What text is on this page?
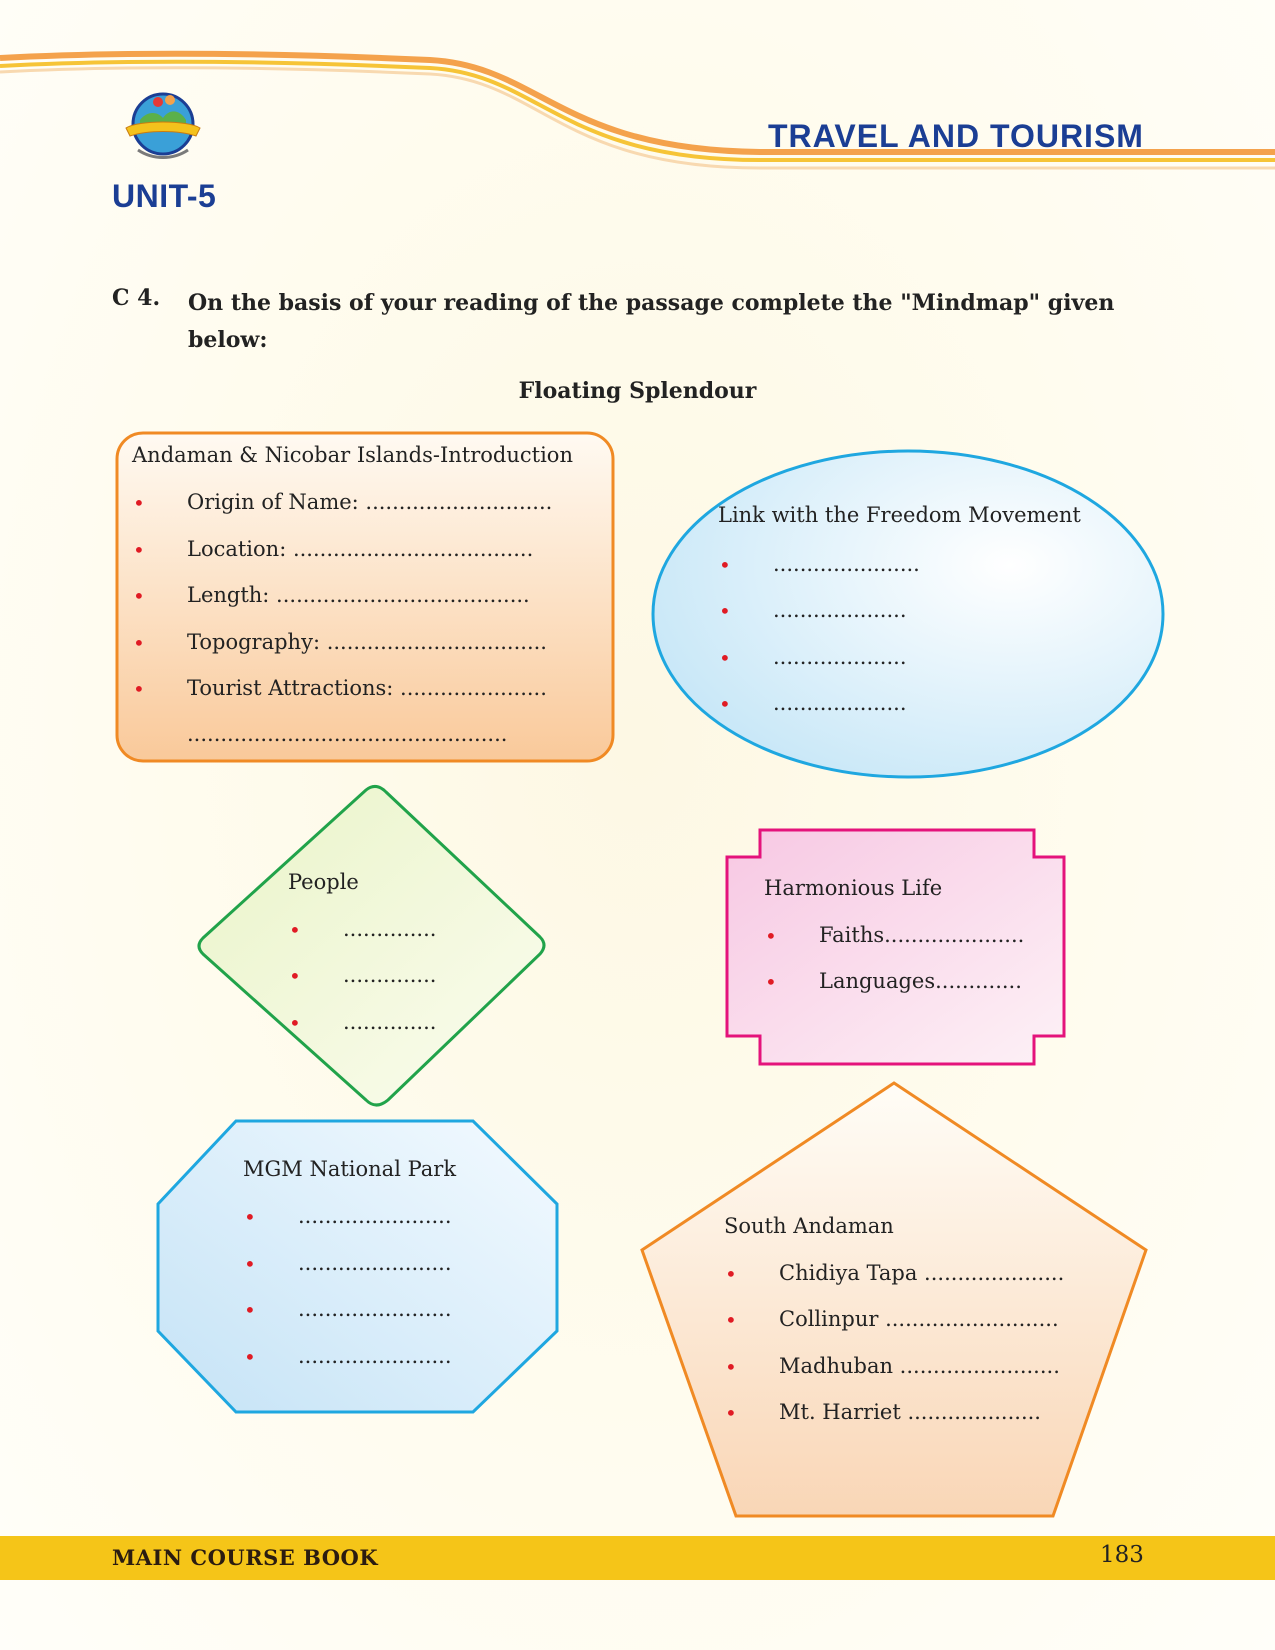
UNIT-5
TRAVEL AND TOURISM
C 4. On the basis of your reading of the passage complete the "Mindmap" given below:
Floating Splendour
Andaman & Nicobar Islands-Introduction
• Origin of Name: ............................
• Location: ....................................
• Length: ......................................
• Topography: .................................
• Tourist Attractions: ......................
................................................
Link with the Freedom Movement
• ......................
• ....................
• ....................
• ....................
People
• ..............
• ..............
• ..............
Harmonious Life
• Faiths.....................
• Languages.............
MGM National Park
• .......................
• .......................
• .......................
• .......................
South Andaman
• Chidiya Tapa .....................
• Collinpur ..........................
• Madhuban ........................
• Mt. Harriet ....................
MAIN COURSE BOOK	183
